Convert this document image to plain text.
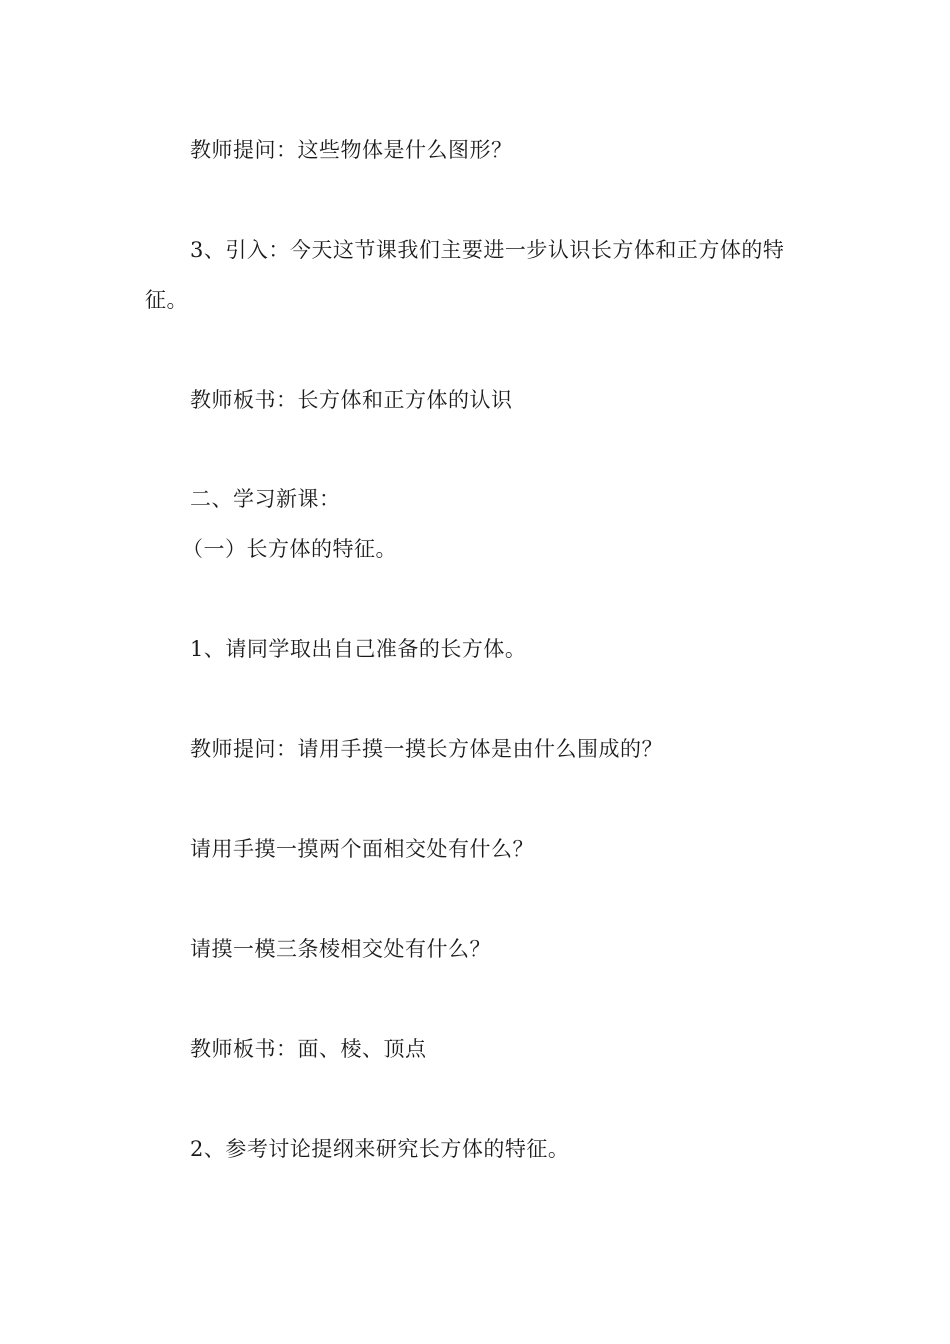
教师提问：这些物体是什么图形？
3、引入：今天这节课我们主要进一步认识长方体和正方体的特
征。
教师板书：长方体和正方体的认识
二、学习新课：
（一）长方体的特征。
1、请同学取出自己准备的长方体。
教师提问：请用手摸一摸长方体是由什么围成的？
请用手摸一摸两个面相交处有什么？
请摸一模三条棱相交处有什么？
教师板书：面、棱、顶点
2、参考讨论提纲来研究长方体的特征。
